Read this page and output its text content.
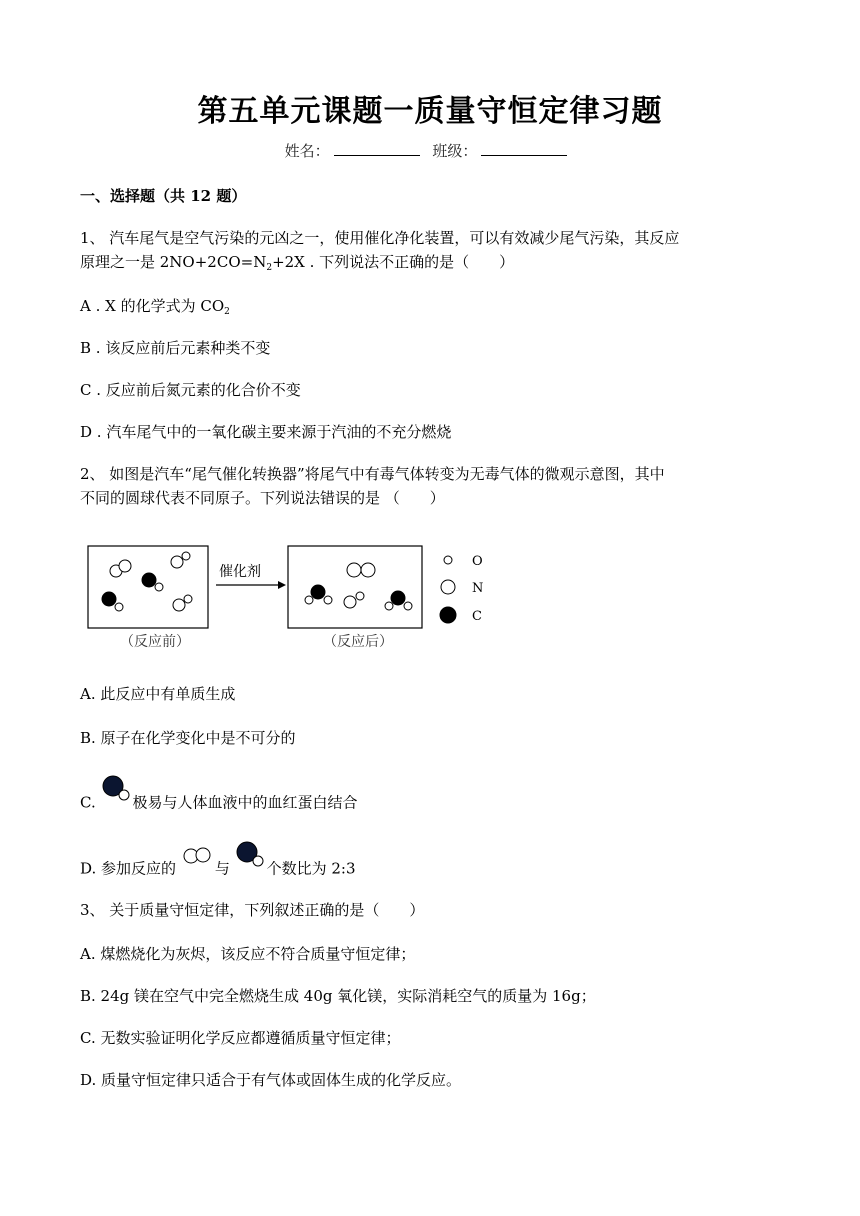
第五单元课题一质量守恒定律习题
姓名：	班级：
一、选择题（共 12 题）
1、 汽车尾气是空气污染的元凶之一，使用催化净化装置，可以有效减少尾气污染，其反应
原理之一是 $2NO+2CO=N_2+2X$ . 下列说法不正确的是（　　）
A . X 的化学式为 $CO_2$
B . 该反应前后元素种类不变
C . 反应前后氮元素的化合价不变
D . 汽车尾气中的一氧化碳主要来源于汽油的不充分燃烧
2、 如图是汽车“尾气催化转换器”将尾气中有毒气体转变为无毒气体的微观示意图，其中
不同的圆球代表不同原子。下列说法错误的是 （　　）
催化剂
（反应前）	（反应后）
O
N
C
A. 此反应中有单质生成
B. 原子在化学变化中是不可分的
C. 极易与人体血液中的血红蛋白结合
D. 参加反应的	与 个数比为 2:3
3、 关于质量守恒定律，下列叙述正确的是（　　）
A. 煤燃烧化为灰烬，该反应不符合质量守恒定律；
B. 24g 镁在空气中完全燃烧生成 40g 氧化镁，实际消耗空气的质量为 16g；
C. 无数实验证明化学反应都遵循质量守恒定律；
D. 质量守恒定律只适合于有气体或固体生成的化学反应。
